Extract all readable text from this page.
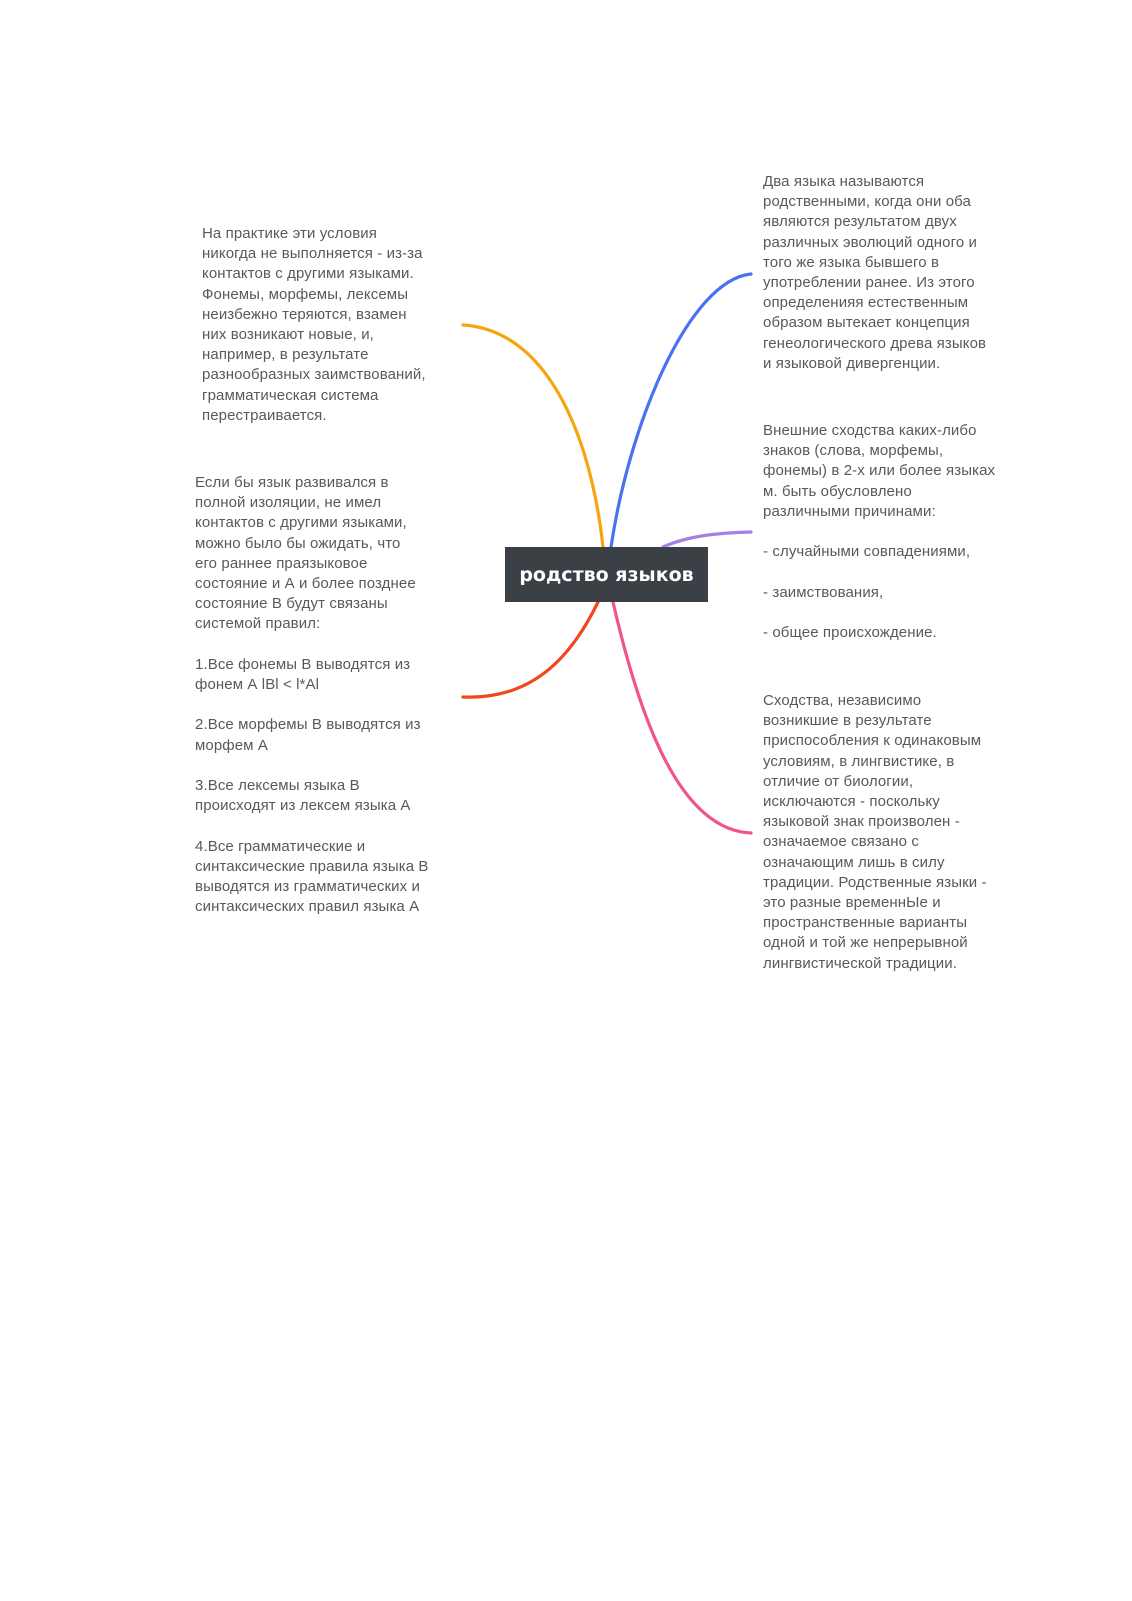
родство языков
На практике эти условия
никогда не выполняется - из-за
контактов с другими языками.
Фонемы, морфемы, лексемы
неизбежно теряются, взамен
них возникают новые, и,
например, в результате
разнообразных заимствований,
грамматическая система
перестраивается.
Если бы язык развивался в
полной изоляции, не имел
контактов с другими языками,
можно было бы ожидать, что
его раннее праязыковое
состояние и А и более позднее
состояние В будут связаны
системой правил:

1.Все фонемы В выводятся из
фонем А lBl < l*Al

2.Все морфемы В выводятся из
морфем А

3.Все лексемы языка В
происходят из лексем языка А

4.Все грамматические и
синтаксические правила языка В
выводятся из грамматических и
синтаксических правил языка А
Два языка называются
родственными, когда они оба
являются результатом двух
различных эволюций одного и
того же языка бывшего в
употреблении ранее. Из этого
определенияя естественным
образом вытекает концепция
генеологического древа языков
и языковой дивергенции.
Внешние сходства каких-либо
знаков (слова, морфемы,
фонемы) в 2-х или более языках
м. быть обусловлено
различными причинами:

- случайными совпадениями,

- заимствования,

- общее происхождение.
Сходства, независимо
возникшие в результате
приспособления к одинаковым
условиям, в лингвистике, в
отличие от биологии,
исключаются - поскольку
языковой знак произволен -
означаемое связано с
означающим лишь в силу
традиции. Родственные языки -
это разные временнЫе и
пространственные варианты
одной и той же непрерывной
лингвистической традиции.
